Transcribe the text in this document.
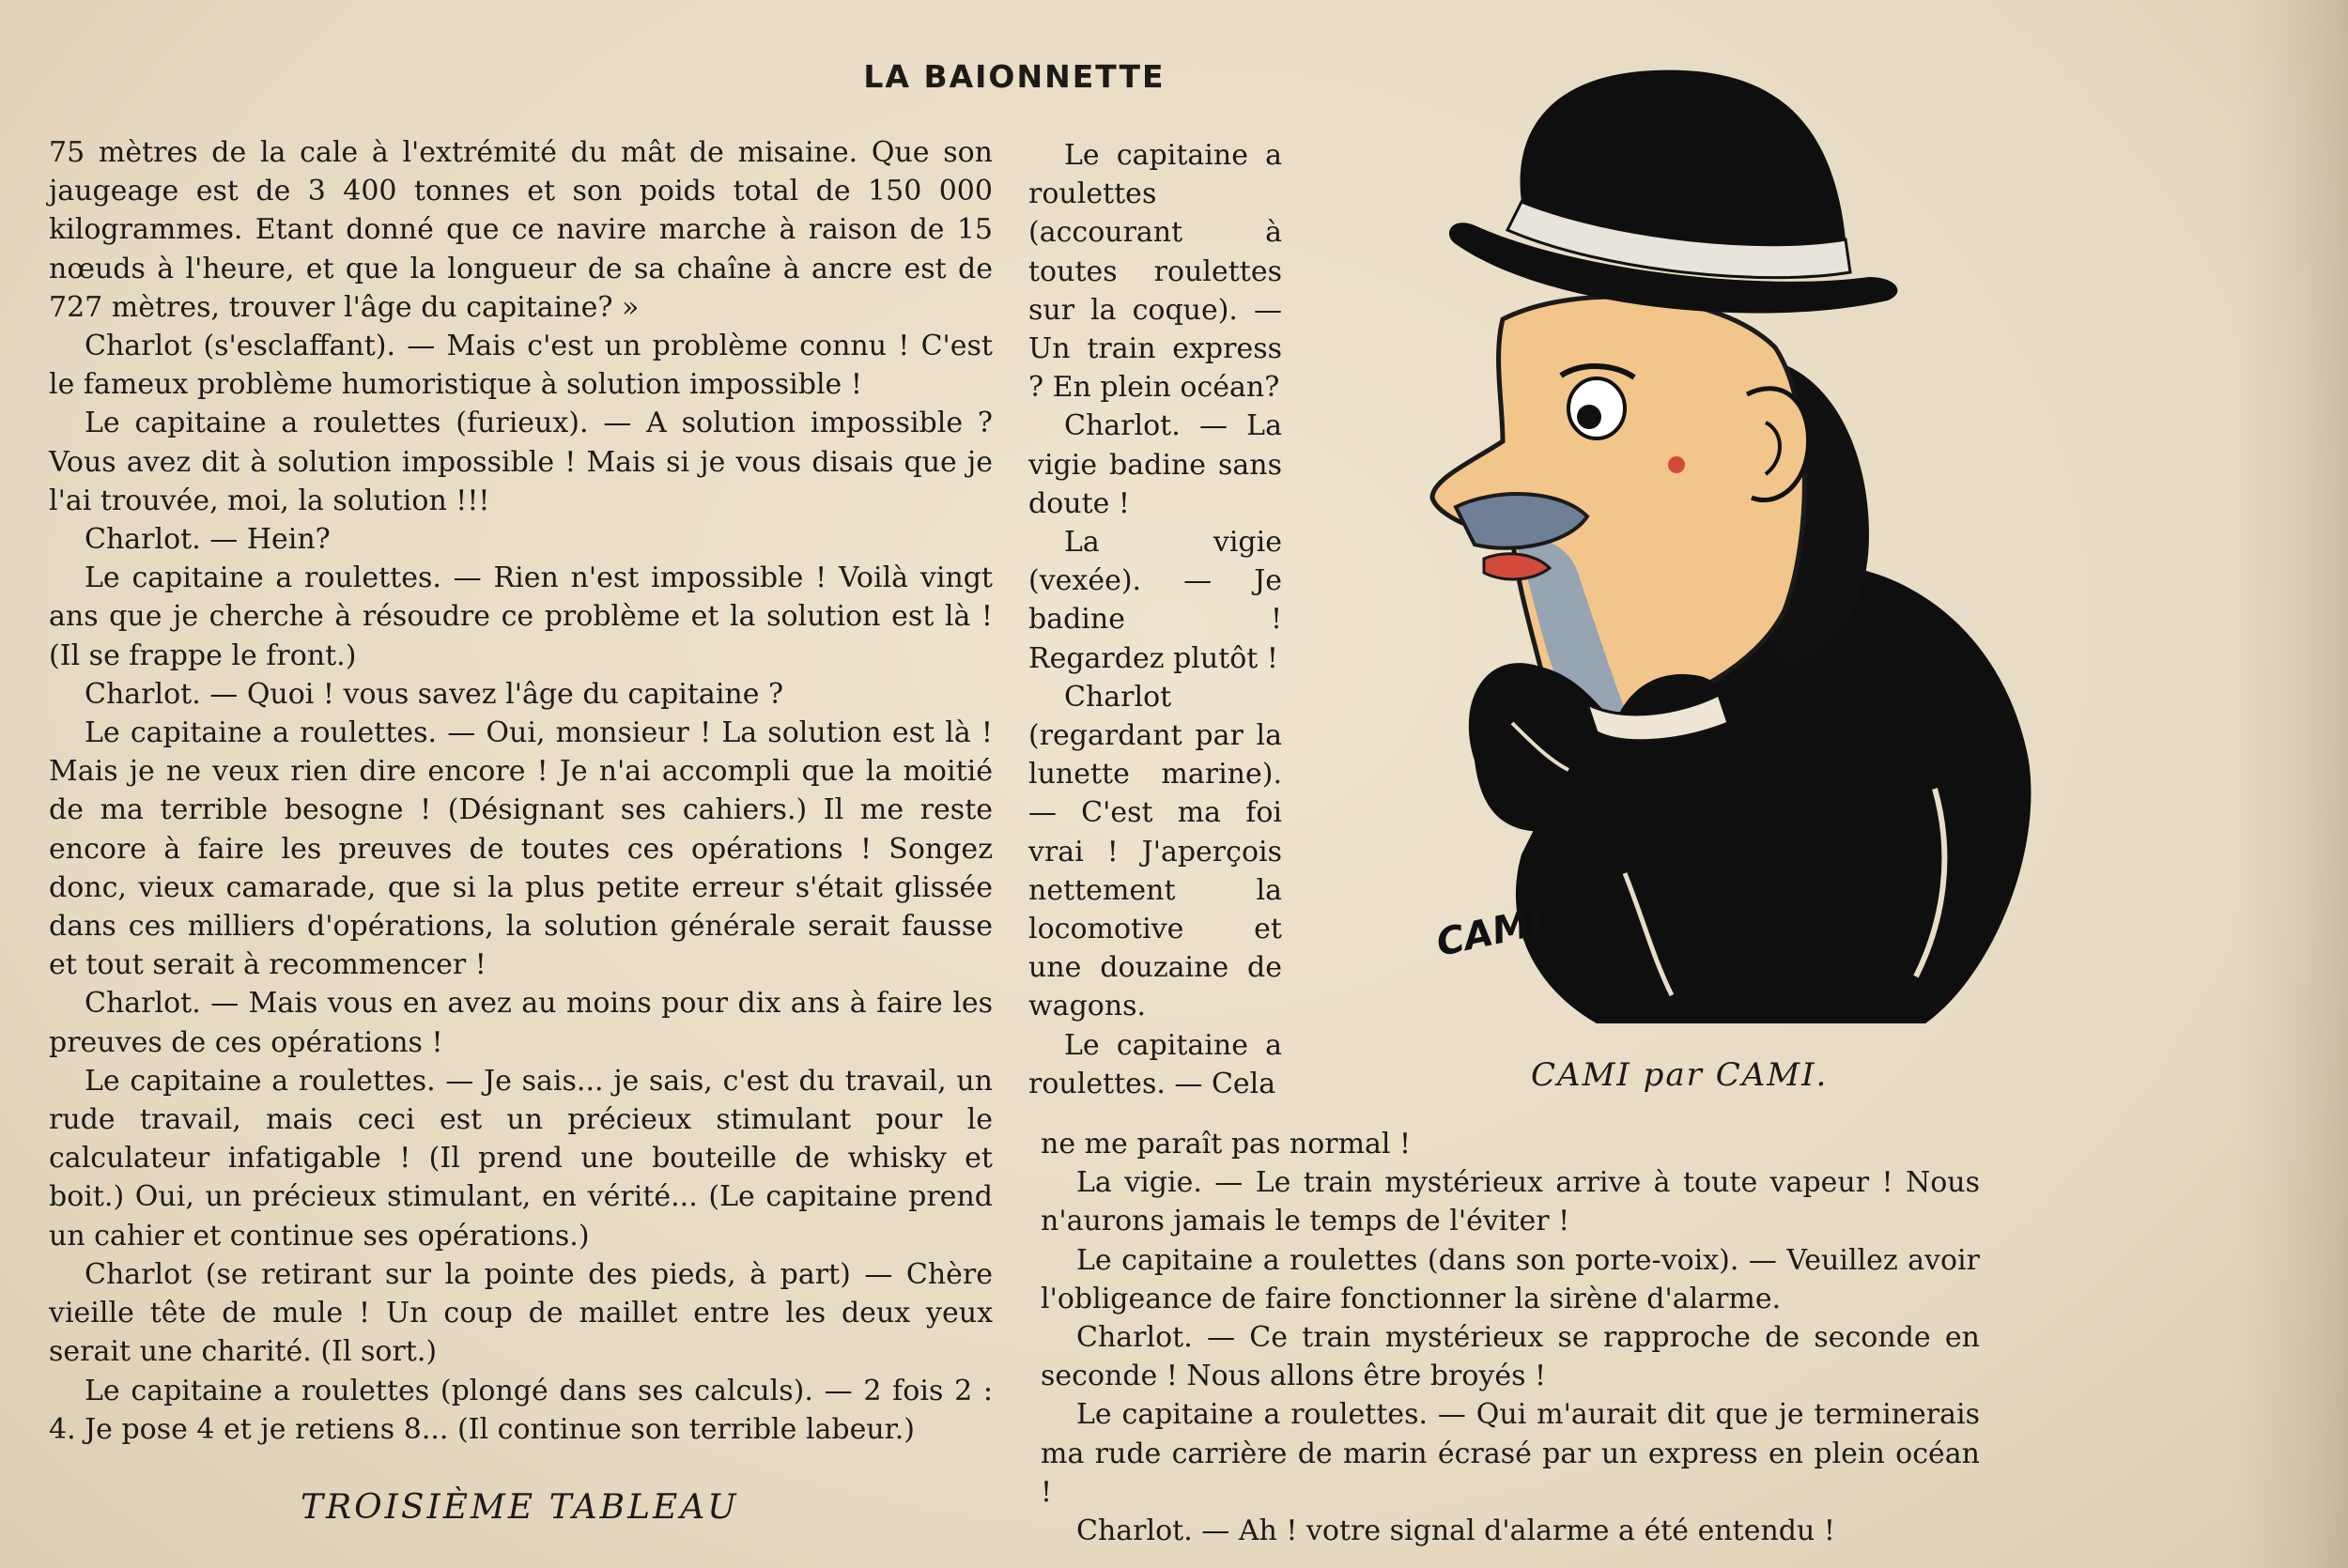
LA BAIONNETTE

75 mètres de la cale à l'extrémité du mât de misaine. Que son jaugeage est de 3 400 tonnes et son poids total de 150 000 kilogrammes. Etant donné que ce navire marche à raison de 15 nœuds à l'heure, et que la longueur de sa chaîne à ancre est de 727 mètres, trouver l'âge du capitaine? »

Charlot (s'esclaffant). — Mais c'est un problème connu ! C'est le fameux problème humoristique à solution impossible !

Le capitaine a roulettes (furieux). — A solution impossible ? Vous avez dit à solution impossible ! Mais si je vous disais que je l'ai trouvée, moi, la solution !!!

Charlot. — Hein?

Le capitaine a roulettes. — Rien n'est impossible ! Voilà vingt ans que je cherche à résoudre ce problème et la solution est là ! (Il se frappe le front.)

Charlot. — Quoi ! vous savez l'âge du capitaine ?

Le capitaine a roulettes. — Oui, monsieur ! La solution est là ! Mais je ne veux rien dire encore ! Je n'ai accompli que la moitié de ma terrible besogne ! (Désignant ses cahiers.) Il me reste encore à faire les preuves de toutes ces opérations ! Songez donc, vieux camarade, que si la plus petite erreur s'était glissée dans ces milliers d'opérations, la solution générale serait fausse et tout serait à recommencer !

Charlot. — Mais vous en avez au moins pour dix ans à faire les preuves de ces opérations !

Le capitaine a roulettes. — Je sais... je sais, c'est du travail, un rude travail, mais ceci est un précieux stimulant pour le calculateur infatigable ! (Il prend une bouteille de whisky et boit.) Oui, un précieux stimulant, en vérité... (Le capitaine prend un cahier et continue ses opérations.)

Charlot (se retirant sur la pointe des pieds, à part) — Chère vieille tête de mule ! Un coup de maillet entre les deux yeux serait une charité. (Il sort.)

Le capitaine a roulettes (plongé dans ses calculs). — 2 fois 2 : 4. Je pose 4 et je retiens 8... (Il continue son terrible labeur.)

TROISIÈME TABLEAU

Le capitaine a roulettes (accourant à toutes roulettes sur la coque). — Un train express ? En plein océan?

Charlot. — La vigie badine sans doute !

La vigie (vexée). — Je badine ! Regardez plutôt !

Charlot (regardant par la lunette marine). — C'est ma foi vrai ! J'aperçois nettement la locomotive et une douzaine de wagons.

Le capitaine a roulettes. — Cela

ne me paraît pas normal !

La vigie. — Le train mystérieux arrive à toute vapeur ! Nous n'aurons jamais le temps de l'éviter !

Le capitaine a roulettes (dans son porte-voix). — Veuillez avoir l'obligeance de faire fonctionner la sirène d'alarme.

Charlot. — Ce train mystérieux se rapproche de seconde en seconde ! Nous allons être broyés !

Le capitaine a roulettes. — Qui m'aurait dit que je terminerais ma rude carrière de marin écrasé par un express en plein océan !

Charlot. — Ah ! votre signal d'alarme a été entendu !

CAMI
CAMI par CAMI.
